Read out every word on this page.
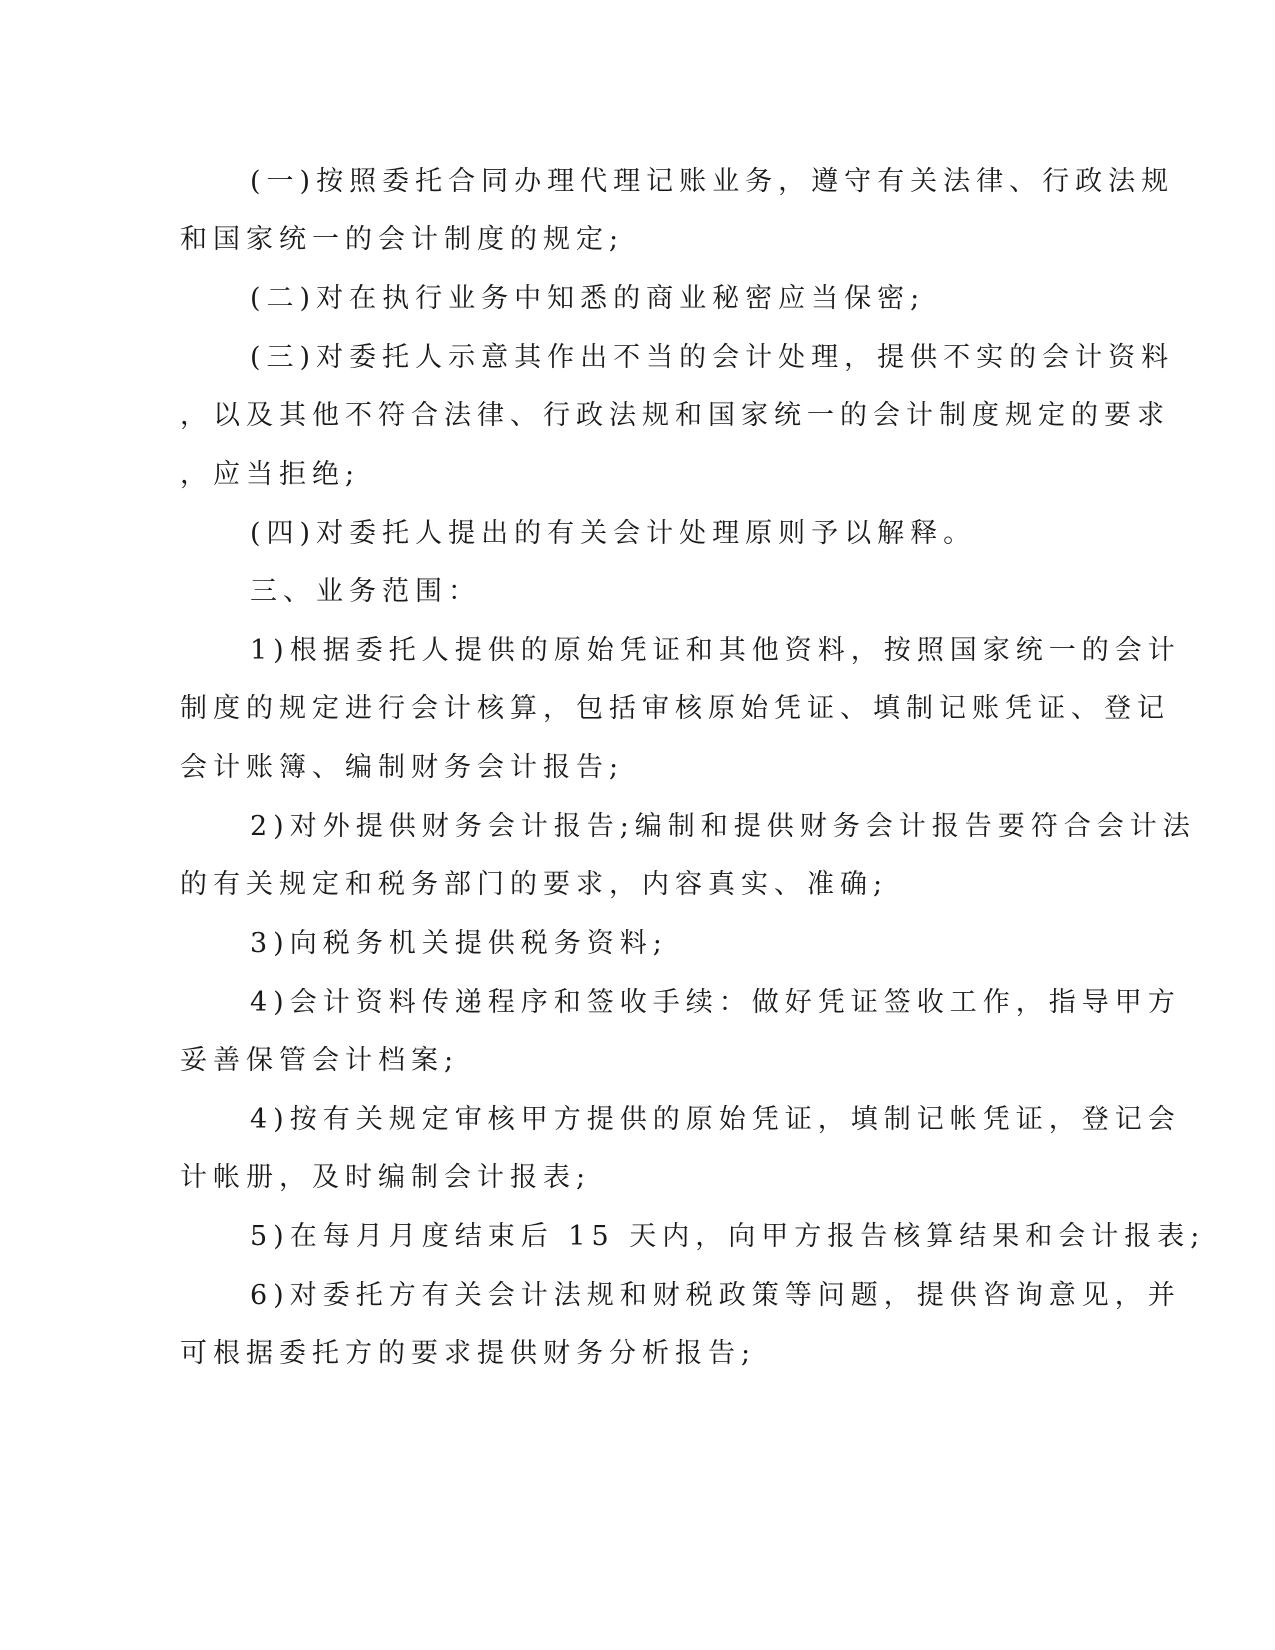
(一)按照委托合同办理代理记账业务，遵守有关法律、行政法规

和国家统一的会计制度的规定;

(二)对在执行业务中知悉的商业秘密应当保密;

(三)对委托人示意其作出不当的会计处理，提供不实的会计资料

，以及其他不符合法律、行政法规和国家统一的会计制度规定的要求

，应当拒绝;

(四)对委托人提出的有关会计处理原则予以解释。

三、业务范围：

1)根据委托人提供的原始凭证和其他资料，按照国家统一的会计

制度的规定进行会计核算，包括审核原始凭证、填制记账凭证、登记

会计账簿、编制财务会计报告;

2)对外提供财务会计报告;编制和提供财务会计报告要符合会计法

的有关规定和税务部门的要求，内容真实、准确;

3)向税务机关提供税务资料;

4)会计资料传递程序和签收手续：做好凭证签收工作，指导甲方

妥善保管会计档案;

4)按有关规定审核甲方提供的原始凭证，填制记帐凭证，登记会

计帐册，及时编制会计报表;

5)在每月月度结束后 15 天内，向甲方报告核算结果和会计报表;

6)对委托方有关会计法规和财税政策等问题，提供咨询意见，并

可根据委托方的要求提供财务分析报告;
